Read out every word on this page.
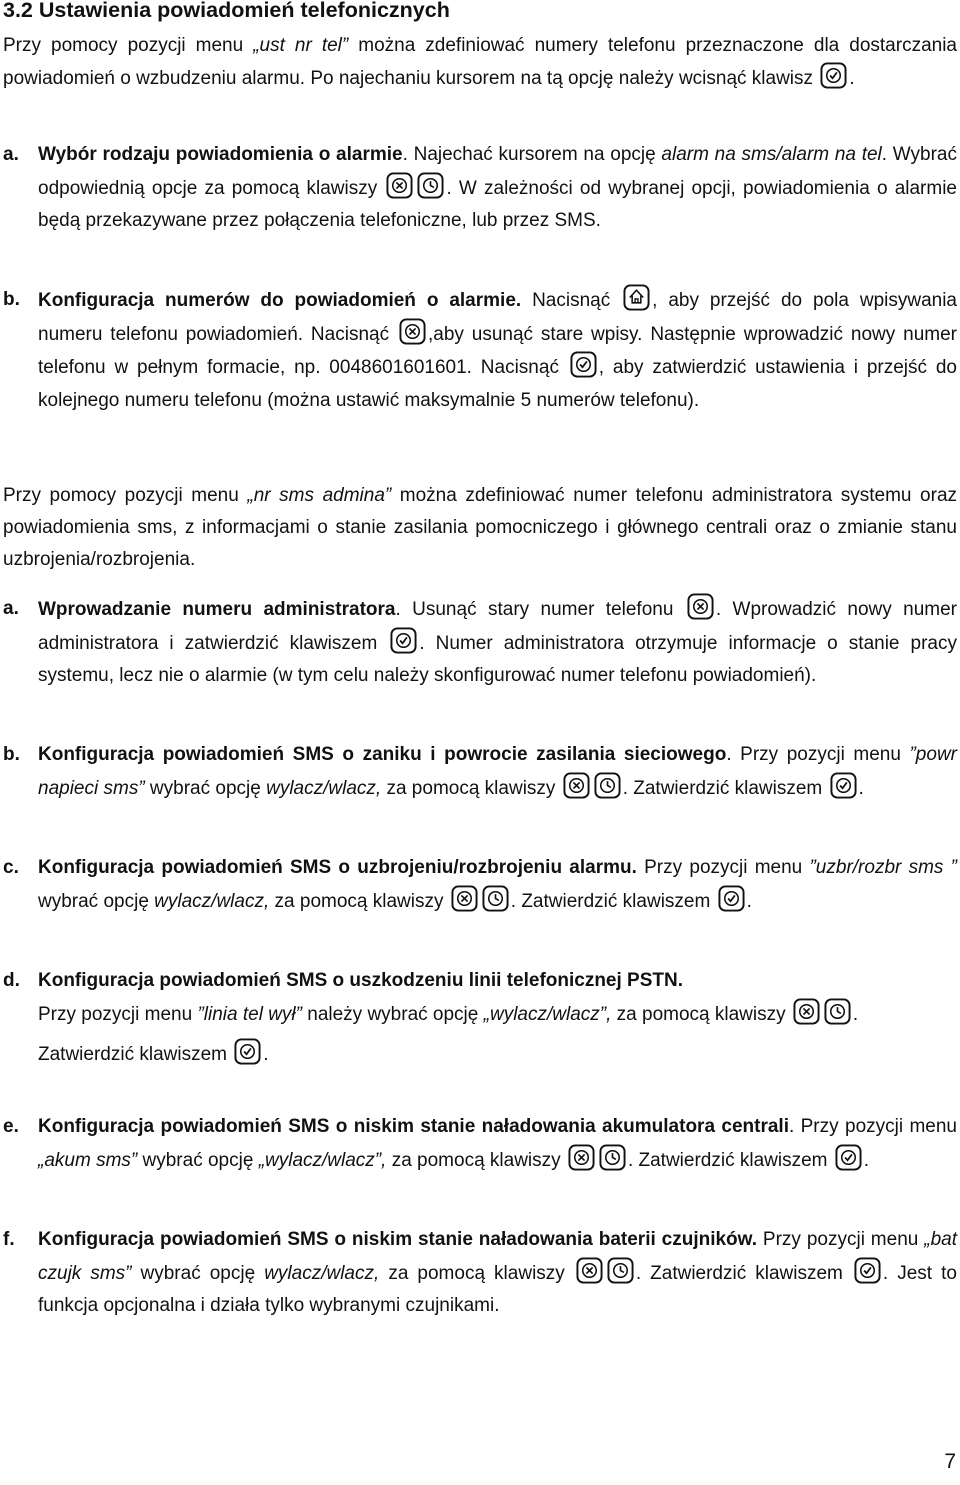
3.2 Ustawienia powiadomień telefonicznych

Przy pomocy pozycji menu „ust nr tel” można zdefiniować numery telefonu przeznaczone dla dostarczania powiadomień o wzbudzeniu alarmu. Po najechaniu kursorem na tą opcję należy wcisnąć klawisz
.

a. Wybór rodzaju powiadomienia o alarmie. Najechać kursorem na opcję alarm na sms/alarm na tel. Wybrać odpowiednią opcje za pomocą klawiszy	. W zależności od wybranej opcji, powiadomienia o alarmie będą przekazywane przez połączenia telefoniczne, lub przez SMS.
b. Konfiguracja numerów do powiadomień o alarmie. Nacisnąć
, aby przejść do pola wpisywania numeru telefonu powiadomień. Nacisnąć
,aby usunąć stare wpisy. Następnie wprowadzić nowy numer telefonu w pełnym formacie, np. 0048601601601. Nacisnąć
, aby zatwierdzić ustawienia i przejść do kolejnego numeru telefonu (można ustawić maksymalnie 5 numerów telefonu).

Przy pomocy pozycji menu „nr sms admina” można zdefiniować numer telefonu administratora systemu oraz powiadomienia sms, z informacjami o stanie zasilania pomocniczego i głównego centrali oraz o zmianie stanu uzbrojenia/rozbrojenia.

a. Wprowadzanie numeru administratora. Usunąć stary numer telefonu
. Wprowadzić nowy numer administratora i zatwierdzić klawiszem
. Numer administratora otrzymuje informacje o stanie pracy systemu, lecz nie o alarmie (w tym celu należy skonfigurować numer telefonu powiadomień).
b. Konfiguracja powiadomień SMS o zaniku i powrocie zasilania sieciowego. Przy pozycji menu ”powr napieci sms” wybrać opcję wylacz/wlacz, za pomocą klawiszy	. Zatwierdzić klawiszem
.
c. Konfiguracja powiadomień SMS o uzbrojeniu/rozbrojeniu alarmu. Przy pozycji menu ”uzbr/rozbr sms ” wybrać opcję wylacz/wlacz, za pomocą klawiszy	. Zatwierdzić klawiszem
.
d. Konfiguracja powiadomień SMS o uszkodzeniu linii telefonicznej PSTN.
Przy pozycji menu ”linia tel wył” należy wybrać opcję „wylacz/wlacz”, za pomocą klawiszy	.
Zatwierdzić klawiszem
.
e. Konfiguracja powiadomień SMS o niskim stanie naładowania akumulatora centrali. Przy pozycji menu „akum sms” wybrać opcję „wylacz/wlacz”, za pomocą klawiszy	. Zatwierdzić klawiszem
.
f. Konfiguracja powiadomień SMS o niskim stanie naładowania baterii czujników. Przy pozycji menu „bat czujk sms” wybrać opcję wylacz/wlacz, za pomocą klawiszy	. Zatwierdzić klawiszem
. Jest to funkcja opcjonalna i działa tylko wybranymi czujnikami.
7
